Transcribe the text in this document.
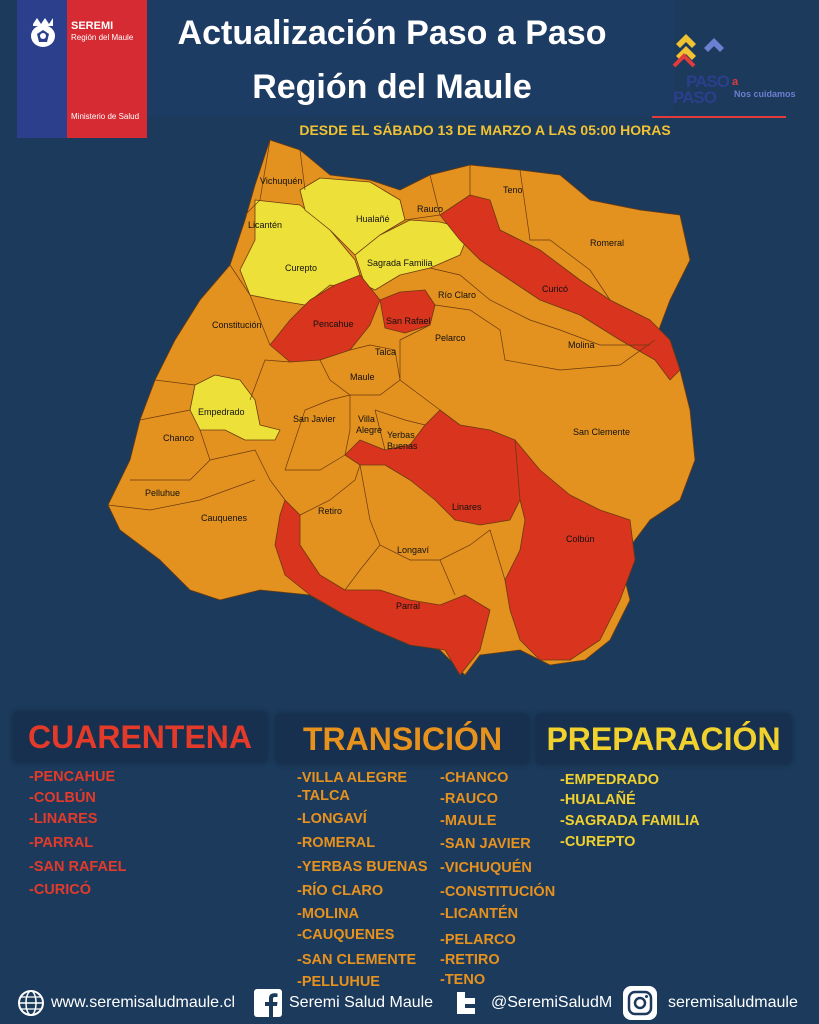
SEREMI
Región del Maule
Ministerio de Salud
Actualización Paso a Paso
Región del Maule	PASO a
PASO Nos cuidamos
DESDE EL SÁBADO 13 DE MARZO A LAS 05:00 HORAS
Vichuquén
Licantén
Hualañé
Teno
Rauco
Romeral
Curepto	Sagrada Familia
Curicó
Río Claro
Constitución	Pencahue	San Rafael
Pelarco
Molina
Talca
Maule
Empedrado
San Javier Villa
Alegre Yerbas
Buenas
San Clemente
Chanco
Pelluhue
Cauquenes
Linares
Retiro
Colbún
Longaví
Parral
CUARENTENA	TRANSICIÓN	PREPARACIÓN
-PENCAHUE
-COLBÚN
-LINARES
-PARRAL
-SAN RAFAEL
-CURICÓ
-VILLA ALEGRE
-TALCA
-LONGAVÍ
-ROMERAL
-YERBAS BUENAS
-RÍO CLARO
-MOLINA
-CAUQUENES
-SAN CLEMENTE
-PELLUHUE
-CHANCO
-RAUCO
-MAULE
-SAN JAVIER
-VICHUQUÉN
-CONSTITUCIÓN
-LICANTÉN
-PELARCO
-RETIRO
-TENO
-EMPEDRADO
-HUALAÑÉ
-SAGRADA FAMILIA
-CUREPTO
www.seremisaludmaule.cl	Seremi Salud Maule	@SeremiSaludM	seremisaludmaule
